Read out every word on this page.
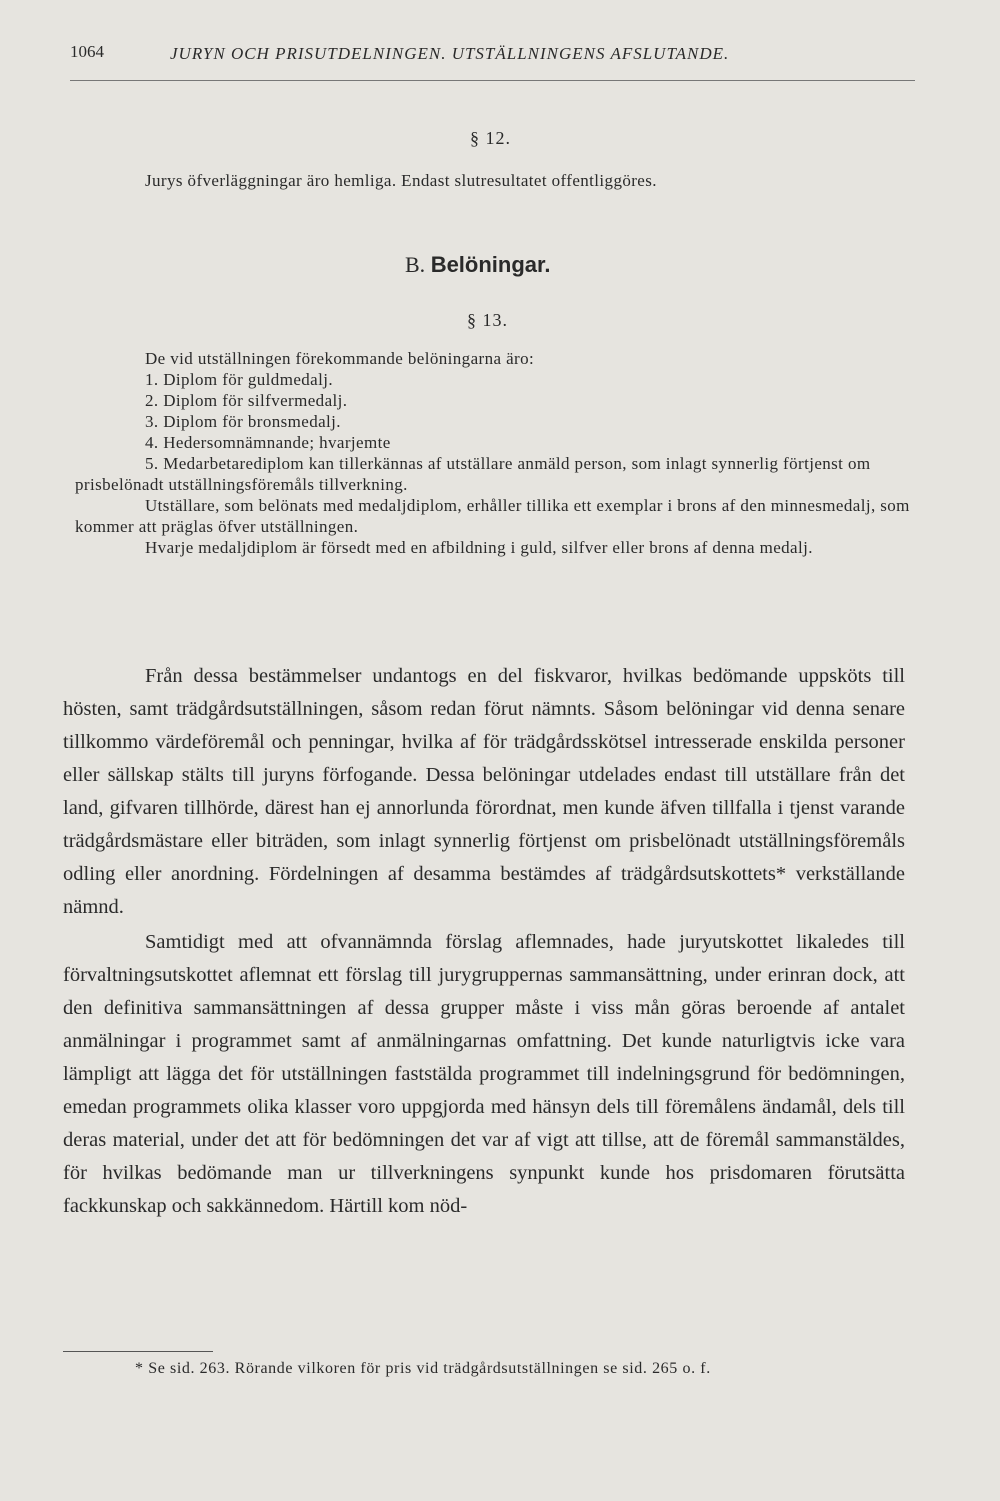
1064	JURYN OCH PRISUTDELNINGEN. UTSTÄLLNINGENS AFSLUTANDE.
§ 12.

Jurys öfverläggningar äro hemliga. Endast slutresultatet offentliggöres.

B. Belöningar.
§ 13.

De vid utställningen förekommande belöningarna äro:

1. Diplom för guldmedalj.
2. Diplom för silfvermedalj.
3. Diplom för bronsmedalj.
4. Hedersomnämnande; hvarjemte
5. Medarbetarediplom kan tillerkännas af utställare anmäld person, som inlagt synnerlig förtjenst om prisbelönadt utställningsföremåls tillverkning.

Utställare, som belönats med medaljdiplom, erhåller tillika ett exemplar i brons af den minnesmedalj, som kommer att präglas öfver utställningen.

Hvarje medaljdiplom är försedt med en afbildning i guld, silfver eller brons af denna medalj.

Från dessa bestämmelser undantogs en del fiskvaror, hvilkas bedömande uppsköts till hösten, samt trädgårdsutställningen, såsom redan förut nämnts. Såsom belöningar vid denna senare tillkommo värdeföremål och penningar, hvilka af för trädgårdsskötsel intresserade enskilda personer eller sällskap stälts till juryns förfogande. Dessa belöningar utdelades endast till utställare från det land, gifvaren tillhörde, därest han ej annorlunda förordnat, men kunde äfven tillfalla i tjenst varande trädgårdsmästare eller biträden, som inlagt synnerlig förtjenst om prisbelönadt utställningsföremåls odling eller anordning. Fördelningen af desamma bestämdes af trädgårdsutskottets* verkställande nämnd.

Samtidigt med att ofvannämnda förslag aflemnades, hade juryutskottet likaledes till förvaltningsutskottet aflemnat ett förslag till jurygruppernas sammansättning, under erinran dock, att den definitiva sammansättningen af dessa grupper måste i viss mån göras beroende af antalet anmälningar i programmet samt af anmälningarnas omfattning. Det kunde naturligtvis icke vara lämpligt att lägga det för utställningen faststälda programmet till indelningsgrund för bedömningen, emedan programmets olika klasser voro uppgjorda med hänsyn dels till föremålens ändamål, dels till deras material, under det att för bedömningen det var af vigt att tillse, att de föremål sammanstäldes, för hvilkas bedömande man ur tillverkningens synpunkt kunde hos prisdomaren förutsätta fackkunskap och sakkännedom. Härtill kom nöd-

* Se sid. 263. Rörande vilkoren för pris vid trädgårdsutställningen se sid. 265 o. f.
